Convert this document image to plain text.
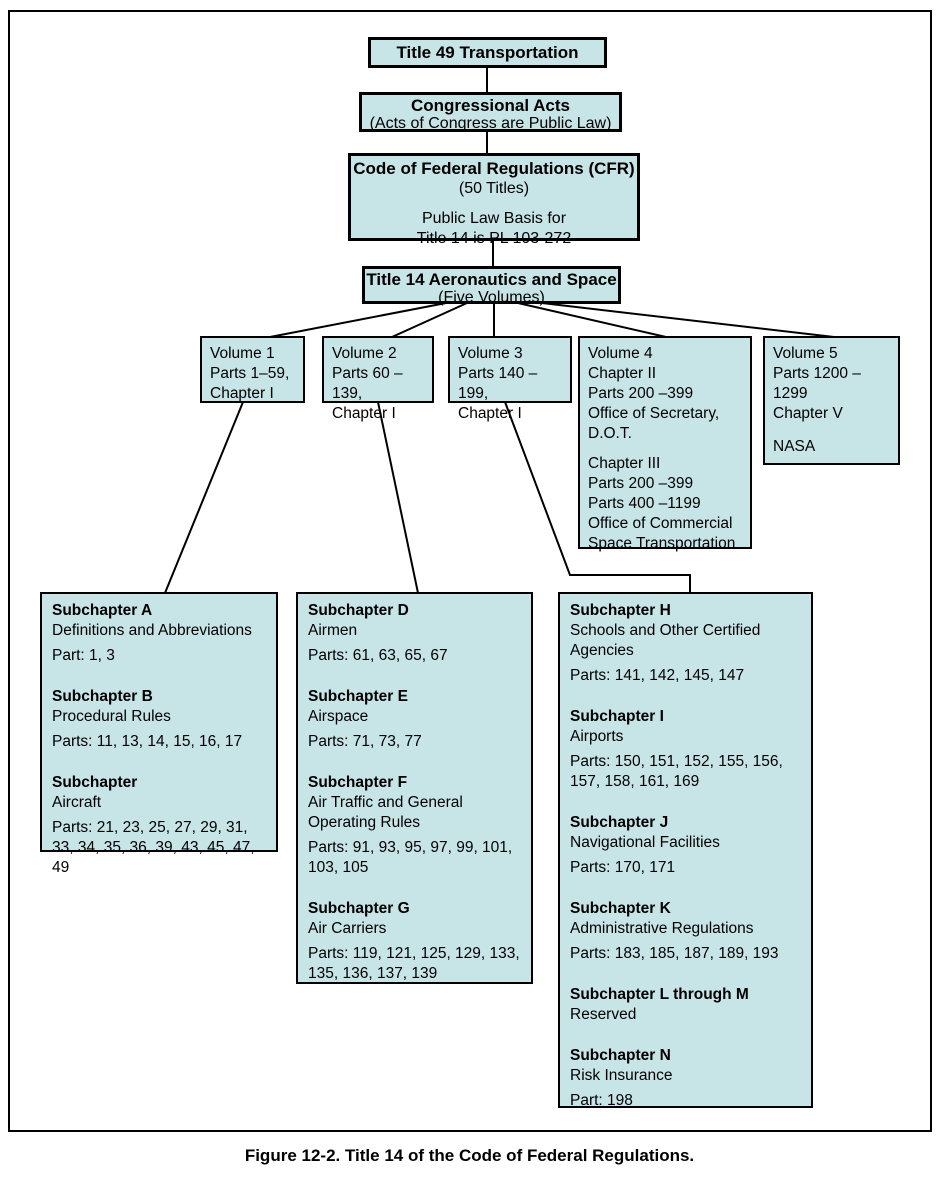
Title 49 Transportation
Congressional Acts
(Acts of Congress are Public Law)
Code of Federal Regulations (CFR)
(50 Titles)
Public Law Basis for
Title 14 is PL 103-272
Title 14 Aeronautics and Space
(Five Volumes)
Volume 1
Parts 1–59,
Chapter I
Volume 2
Parts 60 –139,
Chapter I
Volume 3
Parts 140 –199,
Chapter I
Volume 4
Chapter II
Parts 200 –399
Office of Secretary,
D.O.T.
Chapter III
Parts 200 –399
Parts 400 –1199
Office of Commercial
Space Transportation
Volume 5
Parts 1200 –1299
Chapter V
NASA
Subchapter A
Definitions and Abbreviations
Part: 1, 3
Subchapter B
Procedural Rules
Parts: 11, 13, 14, 15, 16, 17
Subchapter
Aircraft
Parts: 21, 23, 25, 27, 29, 31, 33, 34, 35, 36, 39, 43, 45, 47, 49
Subchapter D
Airmen
Parts: 61, 63, 65, 67
Subchapter E
Airspace
Parts: 71, 73, 77
Subchapter F
Air Traffic and General Operating Rules
Parts: 91, 93, 95, 97, 99, 101, 103, 105
Subchapter G
Air Carriers
Parts: 119, 121, 125, 129, 133, 135, 136, 137, 139
Subchapter H
Schools and Other Certified Agencies
Parts: 141, 142, 145, 147
Subchapter I
Airports
Parts: 150, 151, 152, 155, 156, 157, 158, 161, 169
Subchapter J
Navigational Facilities
Parts: 170, 171
Subchapter K
Administrative Regulations
Parts: 183, 185, 187, 189, 193
Subchapter L through M
Reserved
Subchapter N
Risk Insurance
Part: 198
Figure 12-2. Title 14 of the Code of Federal Regulations.
